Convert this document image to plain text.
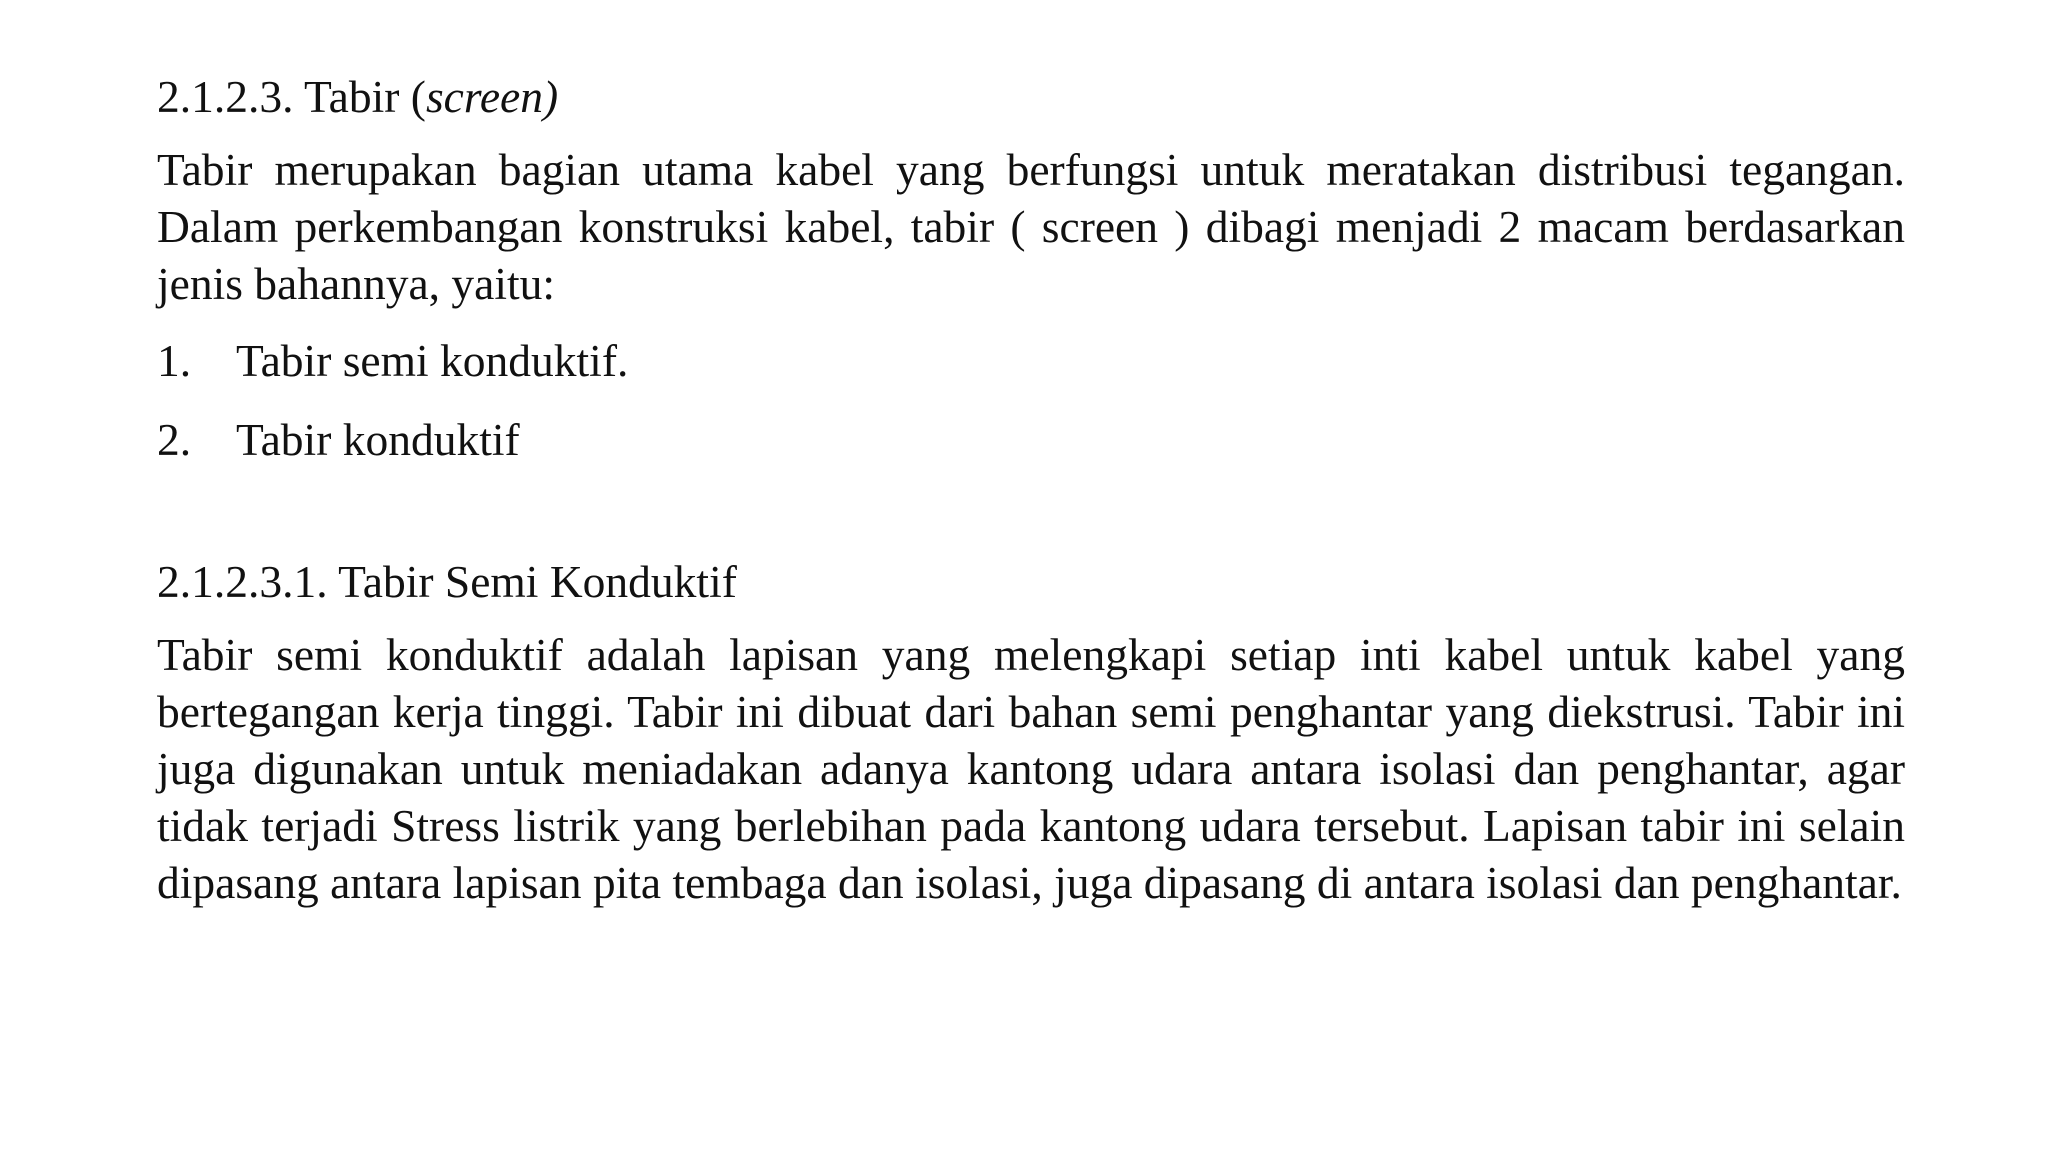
2.1.2.3. Tabir (screen)

Tabir merupakan bagian utama kabel yang berfungsi untuk meratakan distribusi tegangan. Dalam perkembangan konstruksi kabel, tabir ( screen ) dibagi menjadi 2 macam berdasarkan jenis bahannya, yaitu:

1. Tabir semi konduktif.
2. Tabir konduktif
2.1.2.3.1. Tabir Semi Konduktif

Tabir semi konduktif adalah lapisan yang melengkapi setiap inti kabel untuk kabel yang bertegangan kerja tinggi. Tabir ini dibuat dari bahan semi penghantar yang diekstrusi. Tabir ini juga digunakan untuk meniadakan adanya kantong udara antara isolasi dan penghantar, agar tidak terjadi Stress listrik yang berlebihan pada kantong udara tersebut. Lapisan tabir ini selain dipasang antara lapisan pita tembaga dan isolasi, juga dipasang di antara isolasi dan penghantar.
